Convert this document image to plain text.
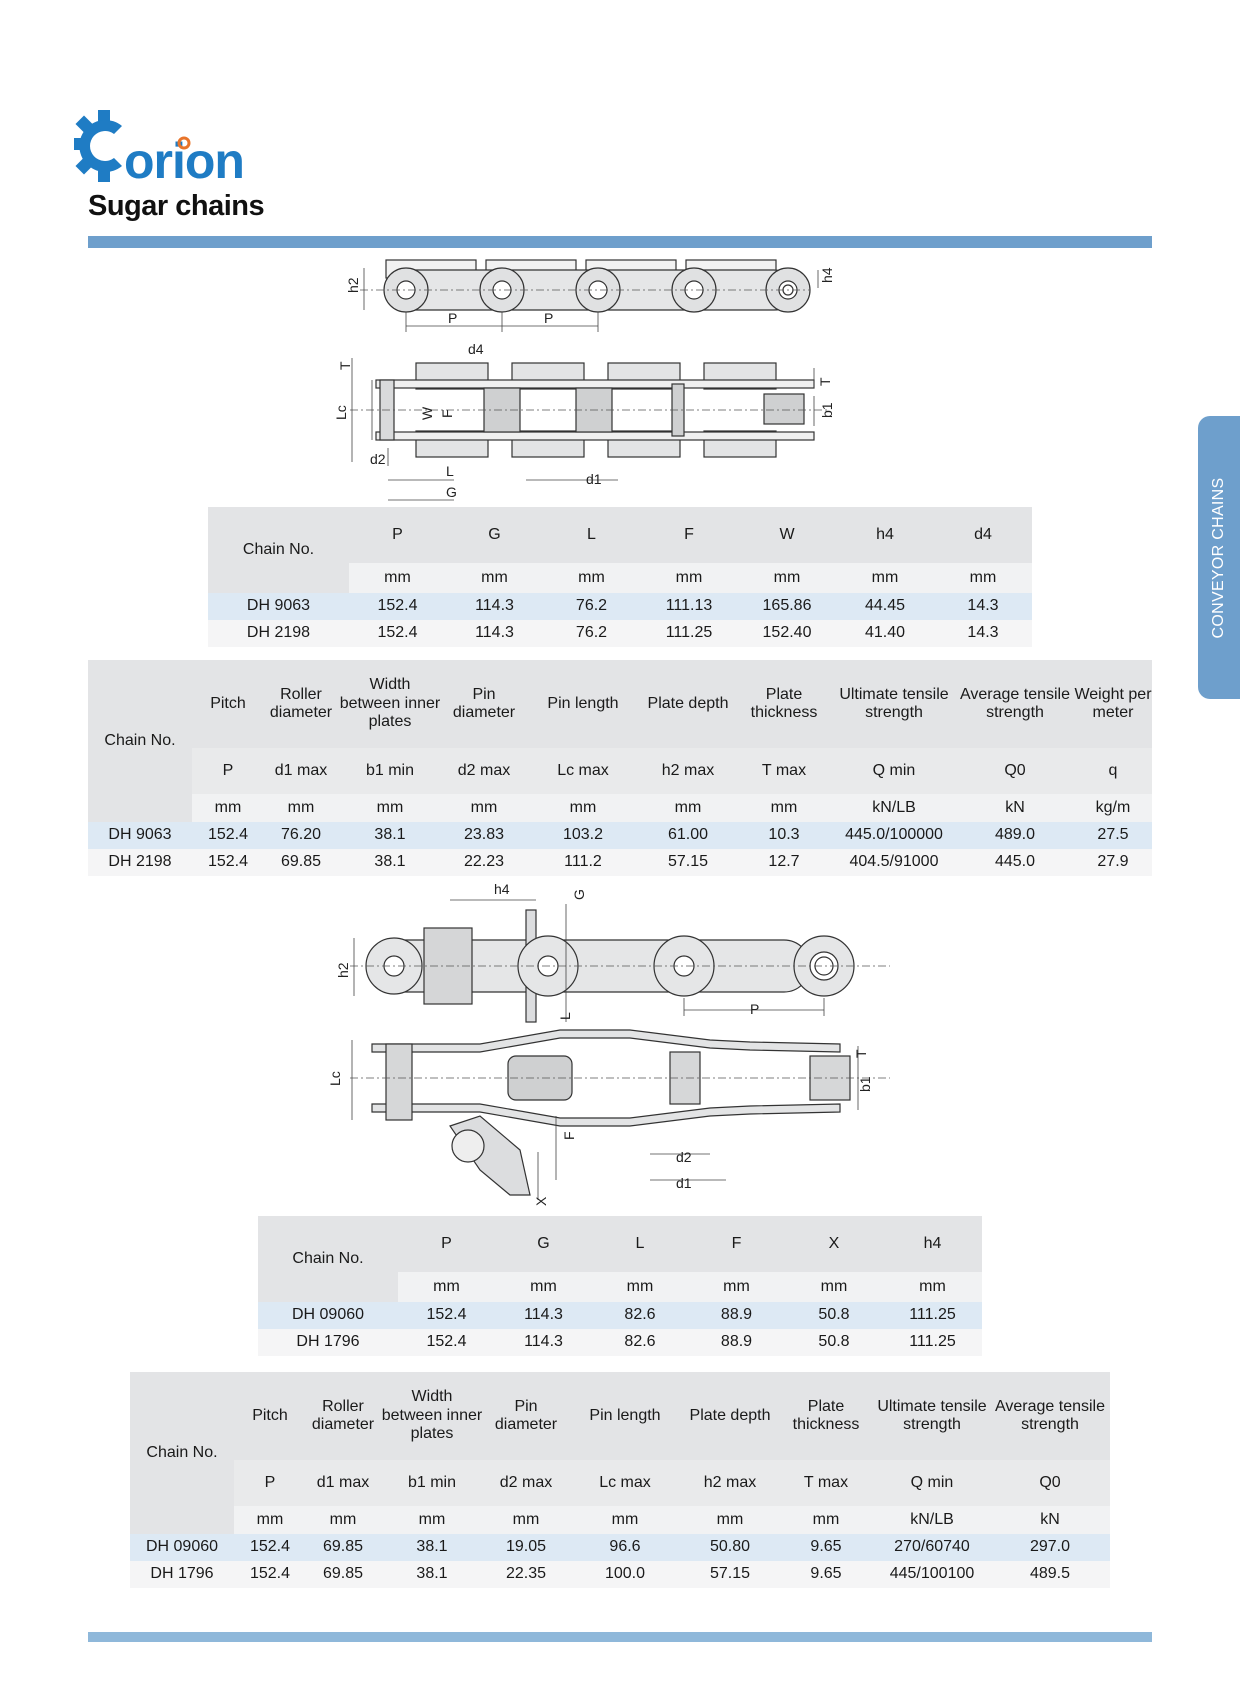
orion
Sugar chains
CONVEYOR CHAINS
h2
h4
P	P
d4
T
Lc	W F
T
b1
d2
L
G
d1
Chain No.	P	G	L	F	W	h4	d4
	mm	mm	mm	mm	mm	mm	mm
DH 9063	152.4	114.3	76.2	111.13	165.86	44.45	14.3
DH 2198	152.4	114.3	76.2	111.25	152.40	41.40	14.3
Chain No.	Pitch	Roller diameter	Width between inner plates	Pin diameter	Pin length	Plate depth	Plate thickness	Ultimate tensile strength	Average tensile strength	Weight per meter
	P	d1 max	b1 min	d2 max	Lc max	h2 max	T max	Q min	Q0	q
	mm	mm	mm	mm	mm	mm	mm	kN/LB	kN	kg/m
DH 9063	152.4	76.20	38.1	23.83	103.2	61.00	10.3	445.0/100000	489.0	27.5
DH 2198	152.4	69.85	38.1	22.23	111.2	57.15	12.7	404.5/91000	445.0	27.9
h4	G
h2
L	P
Lc
T
b1
F
X
d2
d1
Chain No.	P	G	L	F	X	h4
	mm	mm	mm	mm	mm	mm
DH 09060	152.4	114.3	82.6	88.9	50.8	111.25
DH 1796	152.4	114.3	82.6	88.9	50.8	111.25
Chain No.	Pitch	Roller diameter	Width between inner plates	Pin diameter	Pin length	Plate depth	Plate thickness	Ultimate tensile strength	Average tensile strength
	P	d1 max	b1 min	d2 max	Lc max	h2 max	T max	Q min	Q0
	mm	mm	mm	mm	mm	mm	mm	kN/LB	kN
DH 09060	152.4	69.85	38.1	19.05	96.6	50.80	9.65	270/60740	297.0
DH 1796	152.4	69.85	38.1	22.35	100.0	57.15	9.65	445/100100	489.5
